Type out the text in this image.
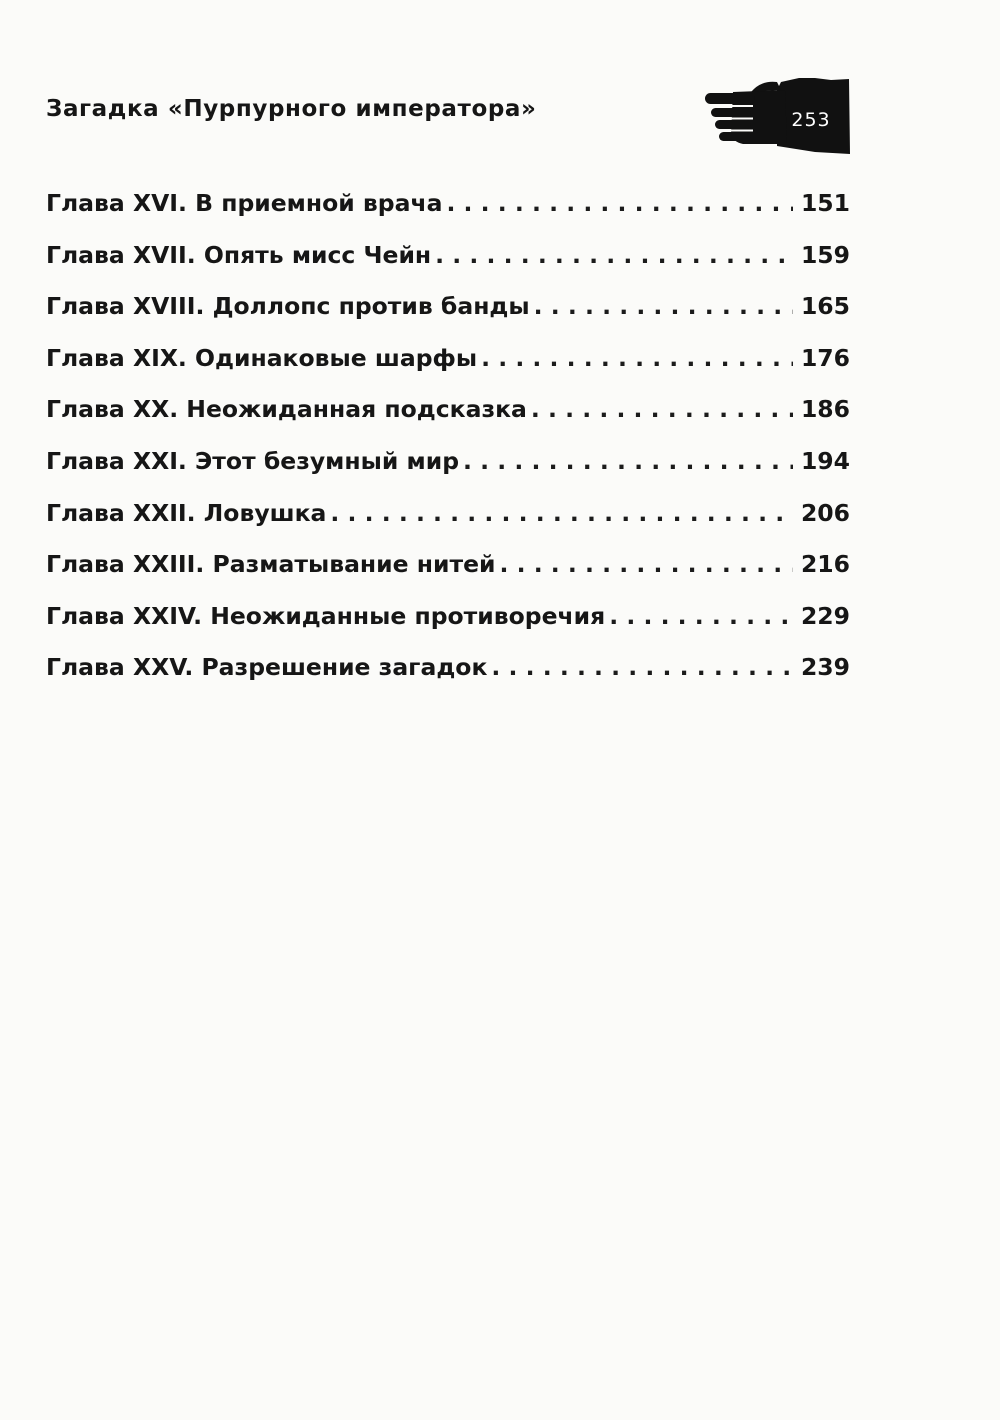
Загадка «Пурпурного императора»	253
Глава XVI. В приемной врача . . .	151
Глава XVII. Опять мисс Чейн . . .	159
Глава XVIII. Доллопс против банды . . .	165
Глава XIX. Одинаковые шарфы . . .	176
Глава XX. Неожиданная подсказка . . .	186
Глава XXI. Этот безумный мир . . .	194
Глава XXII. Ловушка . . .	206
Глава XXIII. Разматывание нитей . . .	216
Глава XXIV. Неожиданные противоречия . . .	229
Глава XXV. Разрешение загадок . . .	239
